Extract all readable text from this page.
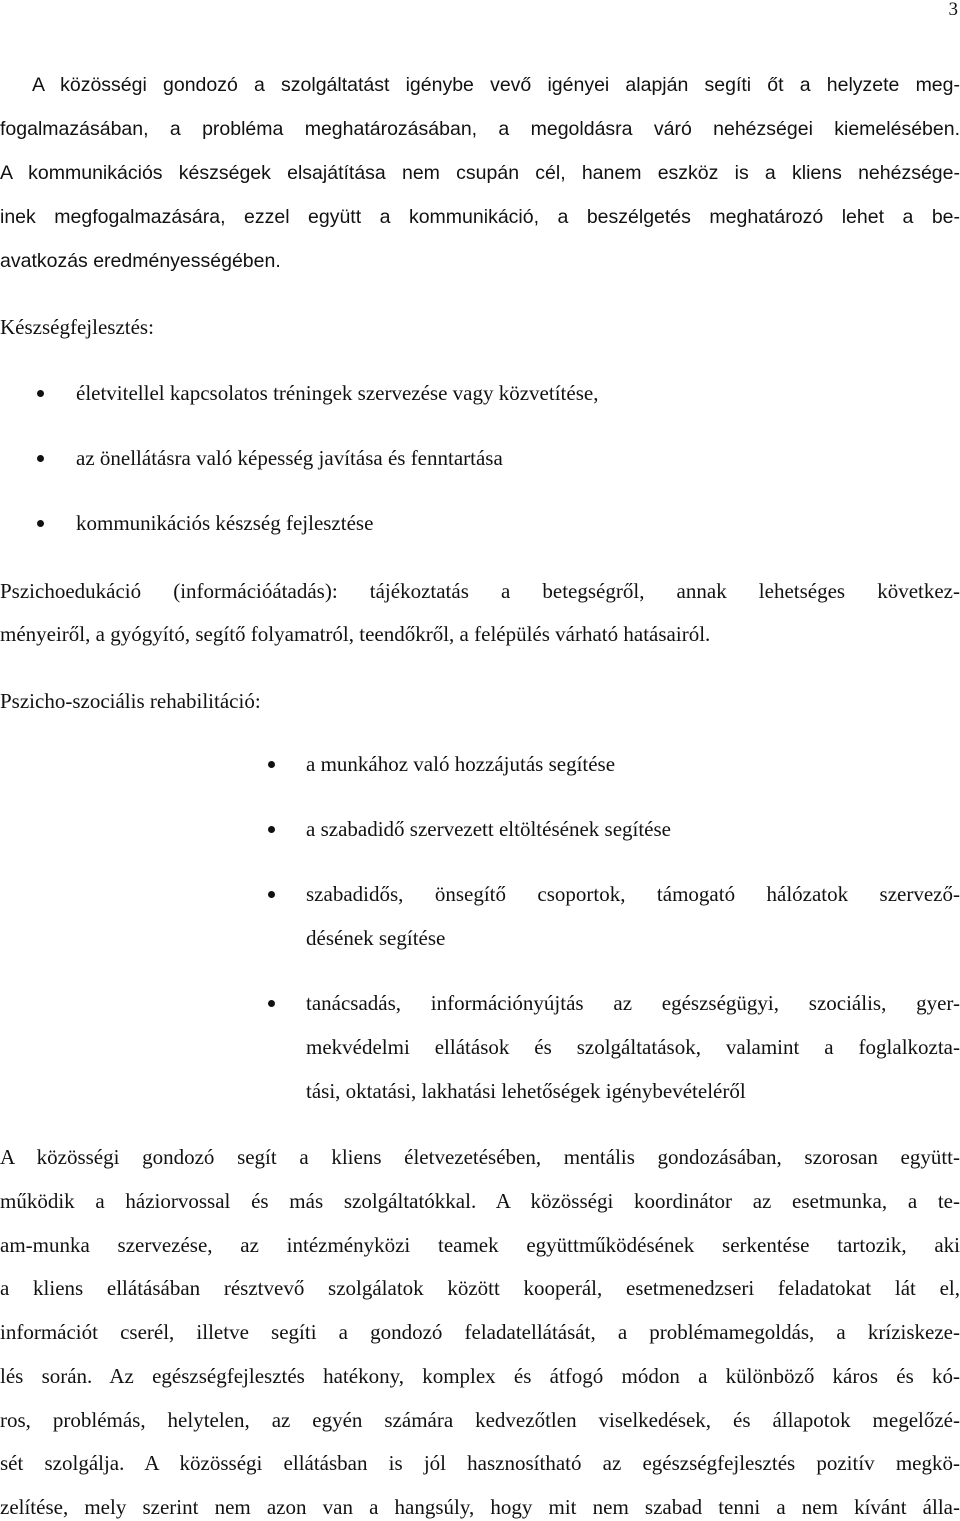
3
A közösségi gondozó a szolgáltatást igénybe vevő igényei alapján segíti őt a helyzete meg-
fogalmazásában, a probléma meghatározásában, a megoldásra váró nehézségei kiemelésében.
A kommunikációs készségek elsajátítása nem csupán cél, hanem eszköz is a kliens nehézsége-
inek megfogalmazására, ezzel együtt a kommunikáció, a beszélgetés meghatározó lehet a be-
avatkozás eredményességében.
Készségfejlesztés:
életvitellel kapcsolatos tréningek szervezése vagy közvetítése,
az önellátásra való képesség javítása és fenntartása
kommunikációs készség fejlesztése
Pszichoedukáció (információátadás): tájékoztatás a betegségről, annak lehetséges következ-
ményeiről, a gyógyító, segítő folyamatról, teendőkről, a felépülés várható hatásairól.
Pszicho-szociális rehabilitáció:
a munkához való hozzájutás segítése
a szabadidő szervezett eltöltésének segítése
szabadidős, önsegítő csoportok, támogató hálózatok szervező-
désének segítése
tanácsadás, információnyújtás az egészségügyi, szociális, gyer-
mekvédelmi ellátások és szolgáltatások, valamint a foglalkozta-
tási, oktatási, lakhatási lehetőségek igénybevételéről
A közösségi gondozó segít a kliens életvezetésében, mentális gondozásában, szorosan együtt-
működik a háziorvossal és más szolgáltatókkal. A közösségi koordinátor az esetmunka, a te-
am-munka szervezése, az intézményközi teamek együttműködésének serkentése tartozik, aki
a kliens ellátásában résztvevő szolgálatok között kooperál, esetmenedzseri feladatokat lát el,
információt cserél, illetve segíti a gondozó feladatellátását, a problémamegoldás, a kríziskeze-
lés során. Az egészségfejlesztés hatékony, komplex és átfogó módon a különböző káros és kó-
ros, problémás, helytelen, az egyén számára kedvezőtlen viselkedések, és állapotok megelőzé-
sét szolgálja. A közösségi ellátásban is jól hasznosítható az egészségfejlesztés pozitív megkö-
zelítése, mely szerint nem azon van a hangsúly, hogy mit nem szabad tenni a nem kívánt álla-
